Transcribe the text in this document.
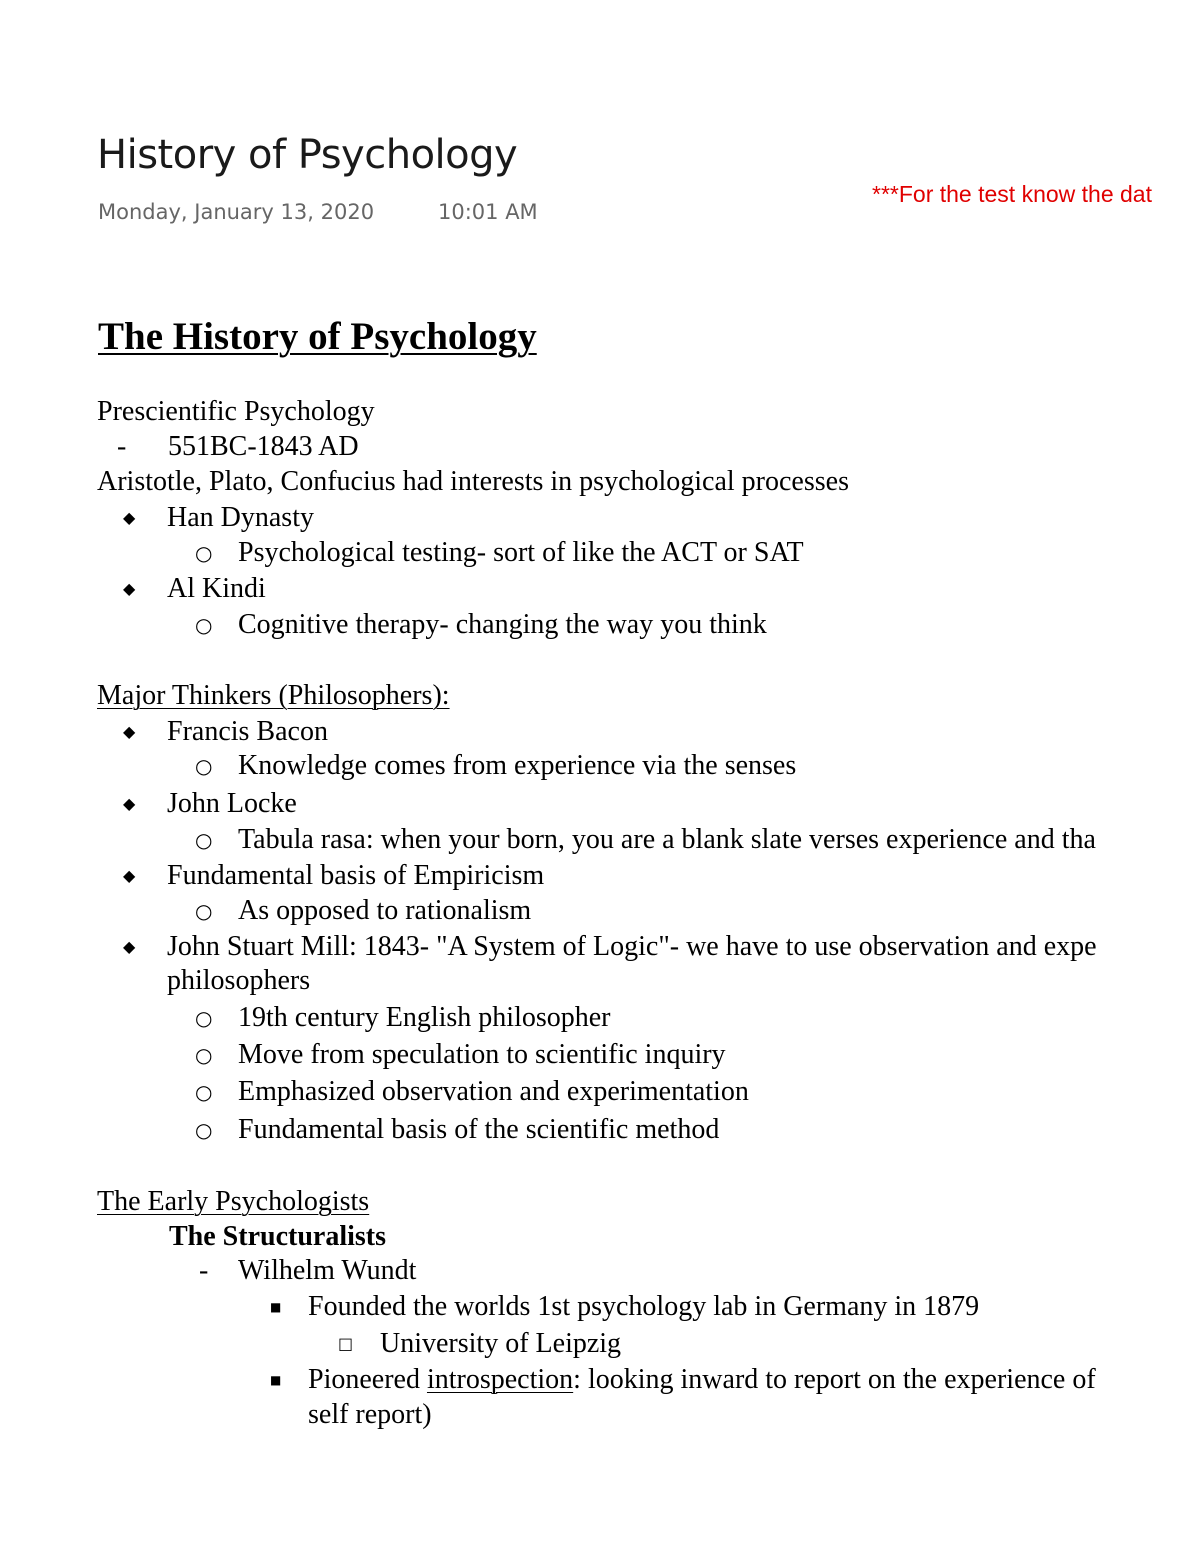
History of Psychology
Monday, January 13, 2020	10:01 AM
***For the test know the dat
The History of Psychology
Prescientific Psychology
- 551BC-1843 AD
Aristotle, Plato, Confucius had interests in psychological processes
◆ Han Dynasty
○ Psychological testing- sort of like the ACT or SAT
◆ Al Kindi
○ Cognitive therapy- changing the way you think
Major Thinkers (Philosophers):
◆ Francis Bacon
○ Knowledge comes from experience via the senses
◆ John Locke
○ Tabula rasa: when your born, you are a blank slate verses experience and tha
◆ Fundamental basis of Empiricism
○ As opposed to rationalism
◆ John Stuart Mill: 1843- "A System of Logic"- we have to use observation and expe
philosophers
○ 19th century English philosopher
○ Move from speculation to scientific inquiry
○ Emphasized observation and experimentation
○ Fundamental basis of the scientific method
The Early Psychologists
The Structuralists
- Wilhelm Wundt
■ Founded the worlds 1st psychology lab in Germany in 1879
□ University of Leipzig
■ Pioneered introspection: looking inward to report on the experience of
self report)
